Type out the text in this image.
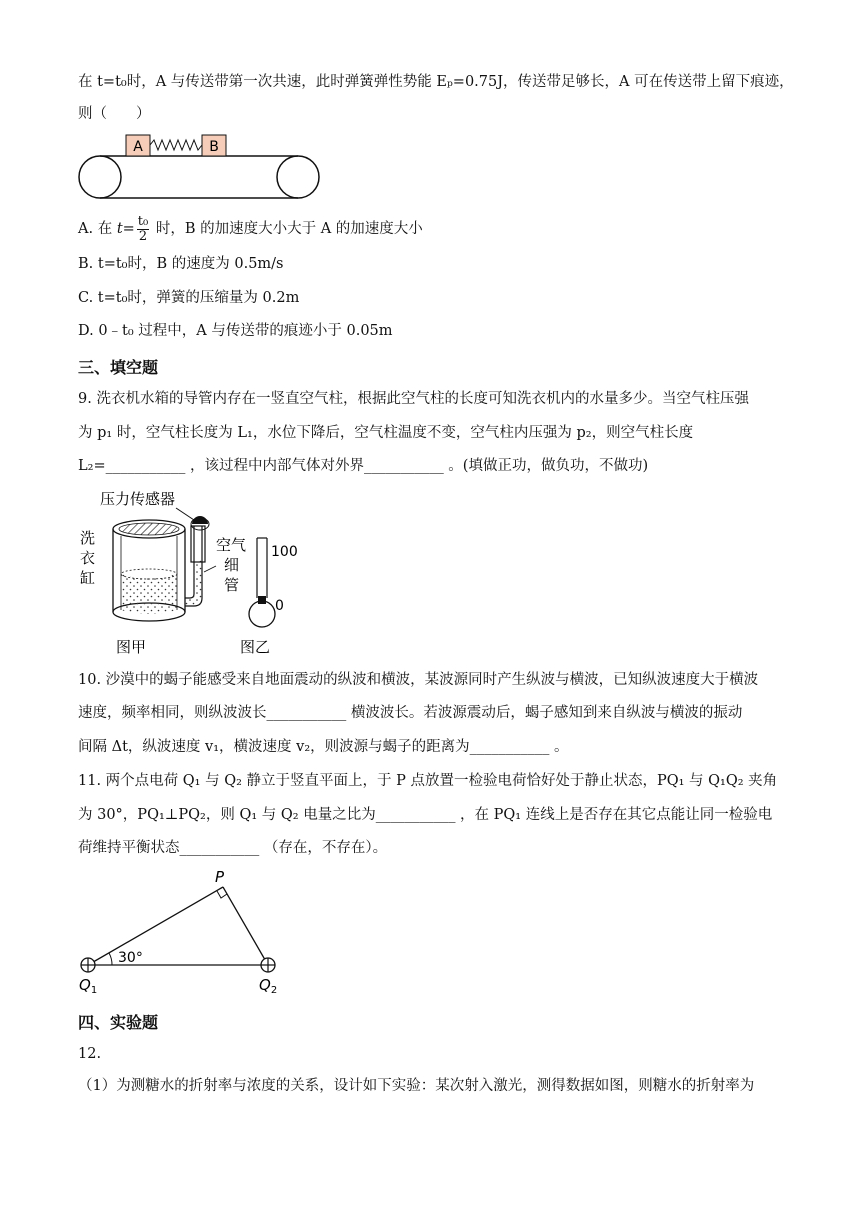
在 t=t₀时，A 与传送带第一次共速，此时弹簧弹性势能 Eₚ=0.75J，传送带足够长，A 可在传送带上留下痕迹，
则（　　）
A	B
A. 在 $t= \frac{\text{t₀}}{2}$ 时，B 的加速度大小大于 A 的加速度大小
B. t=t₀时，B 的速度为 0.5m/s
C. t=t₀时，弹簧的压缩量为 0.2m
D. 0﹣t₀ 过程中，A 与传送带的痕迹小于 0.05m
三、填空题
9. 洗衣机水箱的导管内存在一竖直空气柱，根据此空气柱的长度可知洗衣机内的水量多少。当空气柱压强
为 p₁ 时，空气柱长度为 L₁，水位下降后，空气柱温度不变，空气柱内压强为 p₂，则空气柱长度
L₂=___________ ，该过程中内部气体对外界___________ 。(填做正功，做负功，不做功)
压力传感器
洗
衣
缸
空气
细
管
100
0
图甲	图乙
10. 沙漠中的蝎子能感受来自地面震动的纵波和横波，某波源同时产生纵波与横波，已知纵波速度大于横波
速度，频率相同，则纵波波长___________ 横波波长。若波源震动后，蝎子感知到来自纵波与横波的振动
间隔 Δt，纵波速度 v₁，横波速度 v₂，则波源与蝎子的距离为___________ 。
11. 两个点电荷 Q₁ 与 Q₂ 静立于竖直平面上，于 P 点放置一检验电荷恰好处于静止状态，PQ₁ 与 Q₁Q₂ 夹角
为 30°，PQ₁⊥PQ₂，则 Q₁ 与 Q₂ 电量之比为___________ ，在 PQ₁ 连线上是否存在其它点能让同一检验电
荷维持平衡状态___________ （存在，不存在）。
P
30°
$Q_1$	$Q_2$
四、实验题
12.
（1）为测糖水的折射率与浓度的关系，设计如下实验：某次射入激光，测得数据如图，则糖水的折射率为
